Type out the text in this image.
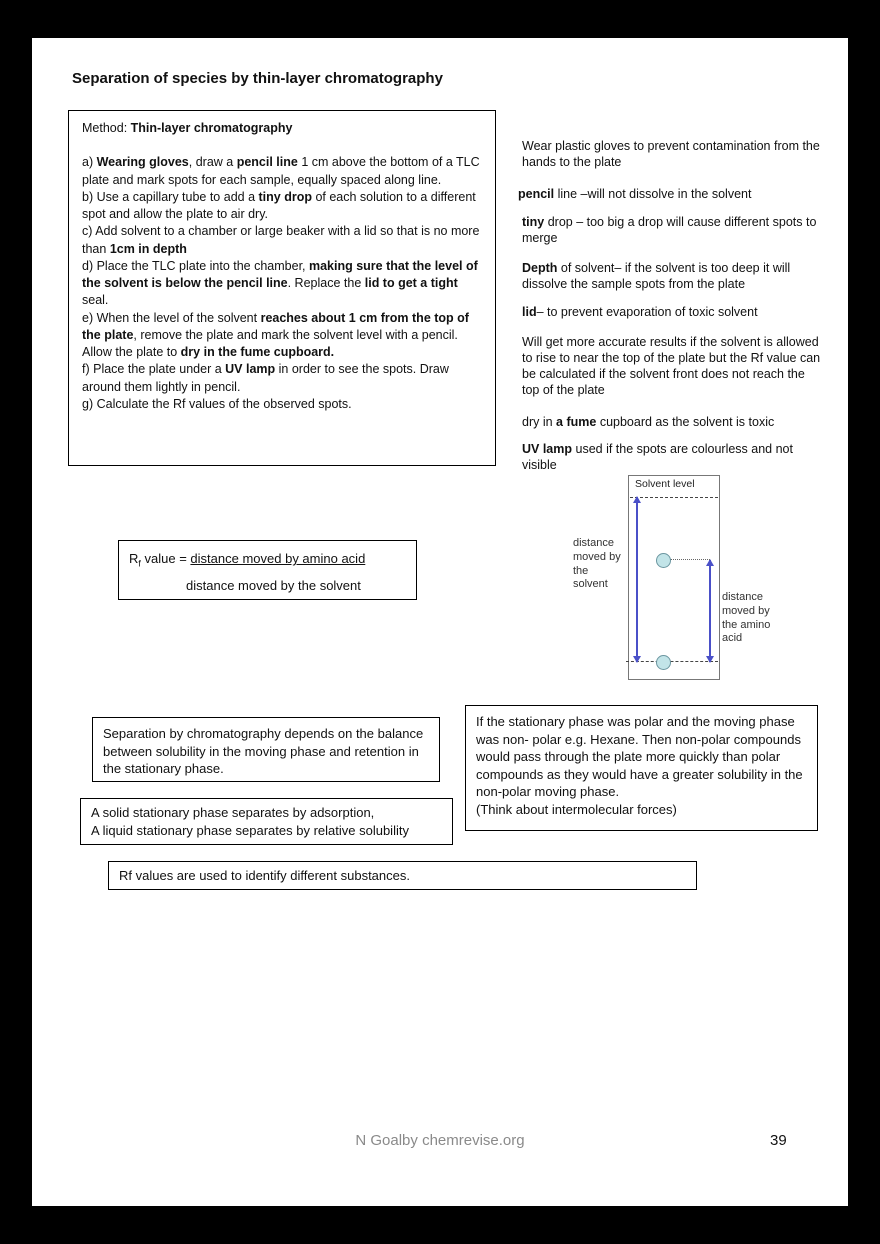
Separation of species by thin-layer chromatography

Method: Thin-layer chromatography

a) Wearing gloves, draw a pencil line 1 cm above the bottom of a TLC plate and mark spots for each sample, equally spaced along line.

b) Use a capillary tube to add a tiny drop of each solution to a different spot and allow the plate to air dry.

c) Add solvent to a chamber or large beaker with a lid so that is no more than 1cm in depth

d) Place the TLC plate into the chamber, making sure that the level of the solvent is below the pencil line. Replace the lid to get a tight seal.

e) When the level of the solvent reaches about 1 cm from the top of the plate, remove the plate and mark the solvent level with a pencil. Allow the plate to dry in the fume cupboard.

f) Place the plate under a UV lamp in order to see the spots. Draw around them lightly in pencil.

g) Calculate the Rf values of the observed spots.

Wear plastic gloves to prevent contamination from the hands to the plate
pencil line –will not dissolve in the solvent
tiny drop – too big a drop will cause different spots to merge
Depth of solvent– if the solvent is too deep it will dissolve the sample spots from the plate
lid– to prevent evaporation of toxic solvent
Will get more accurate results if the solvent is allowed to rise to near the top of the plate but the Rf value can be calculated if the solvent front does not reach the top of the plate
dry in a fume cupboard as the solvent is toxic
UV lamp used if the spots are colourless and not visible
Solvent level
distance
moved by
the
solvent
distance
moved by
the amino
acid
$R_f$ value = distance moved by amino acid
distance moved by the solvent
Separation by chromatography depends on the balance between solubility in the moving phase and retention in the stationary phase.
A solid stationary phase separates by adsorption,
A liquid stationary phase separates by relative solubility
If the stationary phase was polar and the moving phase was non- polar e.g. Hexane. Then non-polar compounds would pass through the plate more quickly than polar compounds as they would have a greater solubility in the non-polar moving phase.
(Think about intermolecular forces)
Rf values are used to identify different substances.
N Goalby chemrevise.org	39
